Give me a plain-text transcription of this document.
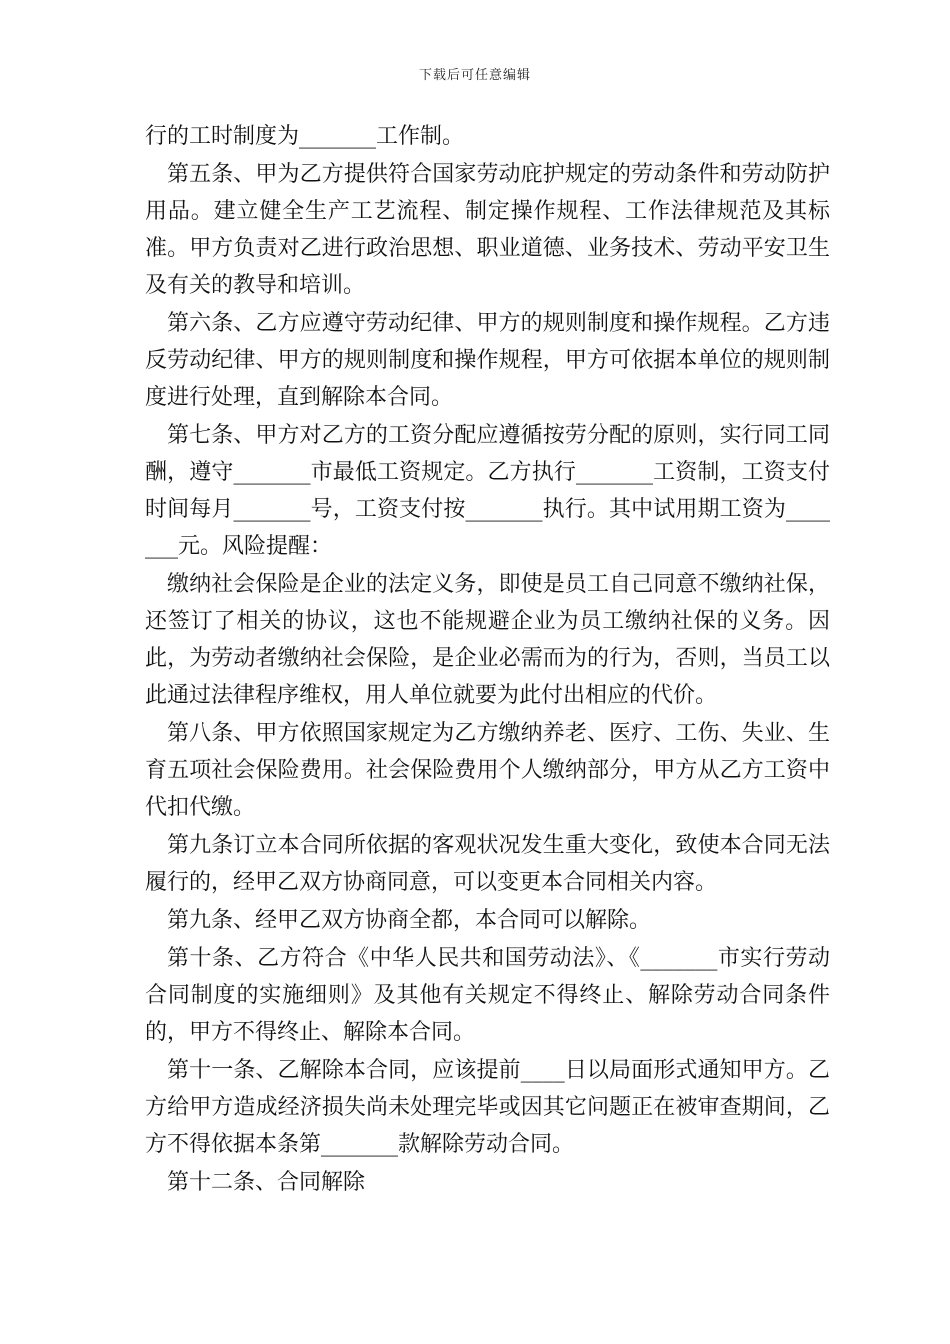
下载后可任意编辑

行的工时制度为_______工作制。

第五条、甲为乙方提供符合国家劳动庇护规定的劳动条件和劳动防护用品。建立健全生产工艺流程、制定操作规程、工作法律规范及其标准。甲方负责对乙进行政治思想、职业道德、业务技术、劳动平安卫生及有关的教导和培训。

第六条、乙方应遵守劳动纪律、甲方的规则制度和操作规程。乙方违反劳动纪律、甲方的规则制度和操作规程，甲方可依据本单位的规则制度进行处理，直到解除本合同。

第七条、甲方对乙方的工资分配应遵循按劳分配的原则，实行同工同酬，遵守_______市最低工资规定。乙方执行_______工资制，工资支付时间每月_______号，工资支付按_______执行。其中试用期工资为_______元。风险提醒：

缴纳社会保险是企业的法定义务，即使是员工自己同意不缴纳社保，还签订了相关的协议，这也不能规避企业为员工缴纳社保的义务。因此，为劳动者缴纳社会保险，是企业必需而为的行为，否则，当员工以此通过法律程序维权，用人单位就要为此付出相应的代价。

第八条、甲方依照国家规定为乙方缴纳养老、医疗、工伤、失业、生育五项社会保险费用。社会保险费用个人缴纳部分，甲方从乙方工资中代扣代缴。

第九条订立本合同所依据的客观状况发生重大变化，致使本合同无法履行的，经甲乙双方协商同意，可以变更本合同相关内容。

第九条、经甲乙双方协商全都，本合同可以解除。

第十条、乙方符合《中华人民共和国劳动法》、《_______市实行劳动合同制度的实施细则》及其他有关规定不得终止、解除劳动合同条件的，甲方不得终止、解除本合同。

第十一条、乙解除本合同，应该提前____日以局面形式通知甲方。乙方给甲方造成经济损失尚未处理完毕或因其它问题正在被审查期间，乙方不得依据本条第_______款解除劳动合同。

第十二条、合同解除
